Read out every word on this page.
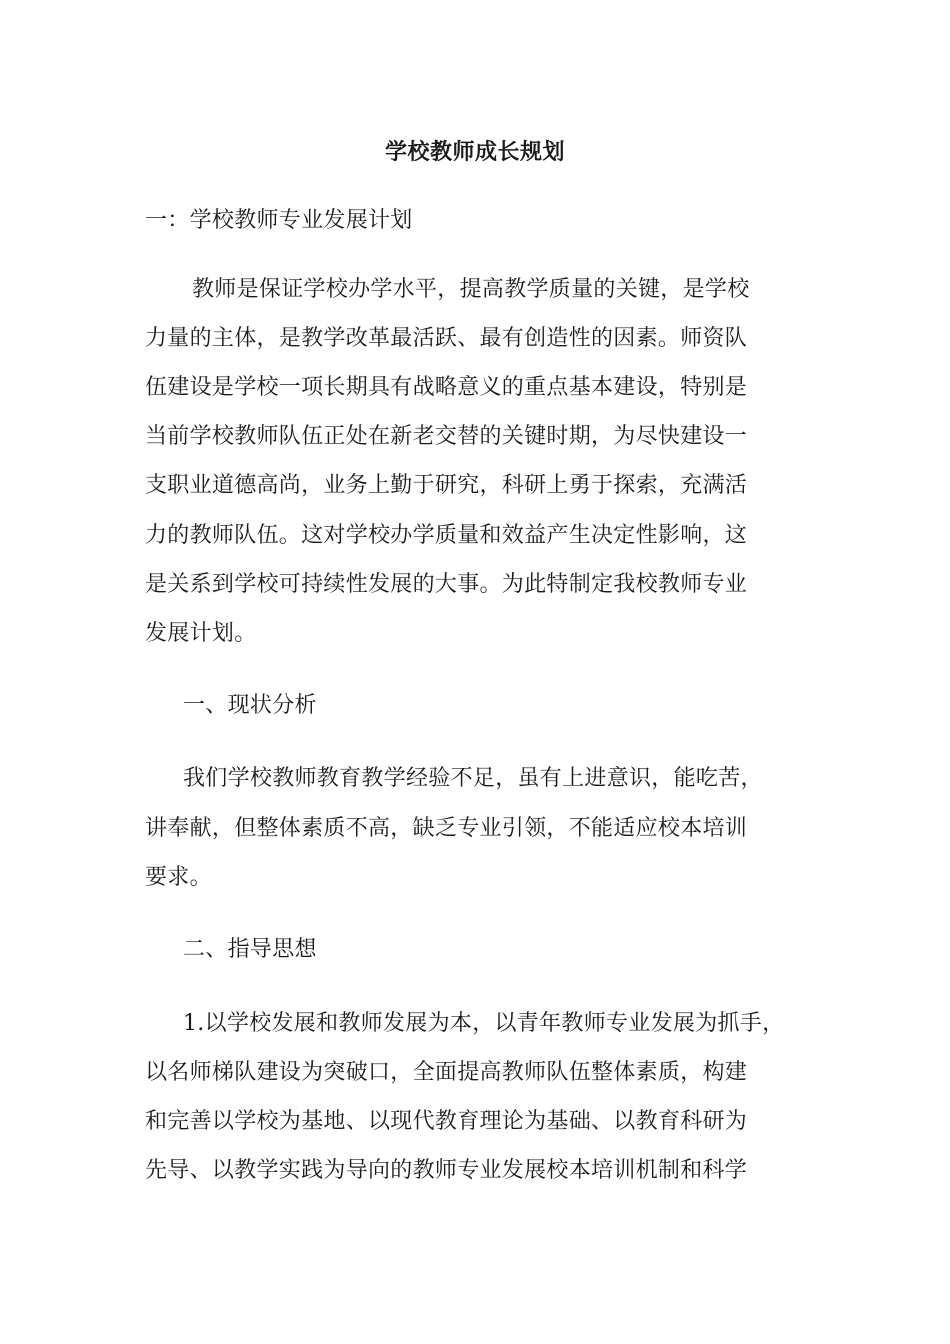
学校教师成长规划
一：学校教师专业发展计划
教师是保证学校办学水平，提高教学质量的关键，是学校
力量的主体，是教学改革最活跃、最有创造性的因素。师资队
伍建设是学校一项长期具有战略意义的重点基本建设，特别是
当前学校教师队伍正处在新老交替的关键时期，为尽快建设一
支职业道德高尚，业务上勤于研究，科研上勇于探索，充满活
力的教师队伍。这对学校办学质量和效益产生决定性影响，这
是关系到学校可持续性发展的大事。为此特制定我校教师专业
发展计划。
一、现状分析
我们学校教师教育教学经验不足，虽有上进意识，能吃苦，
讲奉献，但整体素质不高，缺乏专业引领，不能适应校本培训
要求。
二、指导思想
1.以学校发展和教师发展为本，以青年教师专业发展为抓手，
以名师梯队建设为突破口，全面提高教师队伍整体素质，构建
和完善以学校为基地、以现代教育理论为基础、以教育科研为
先导、以教学实践为导向的教师专业发展校本培训机制和科学
